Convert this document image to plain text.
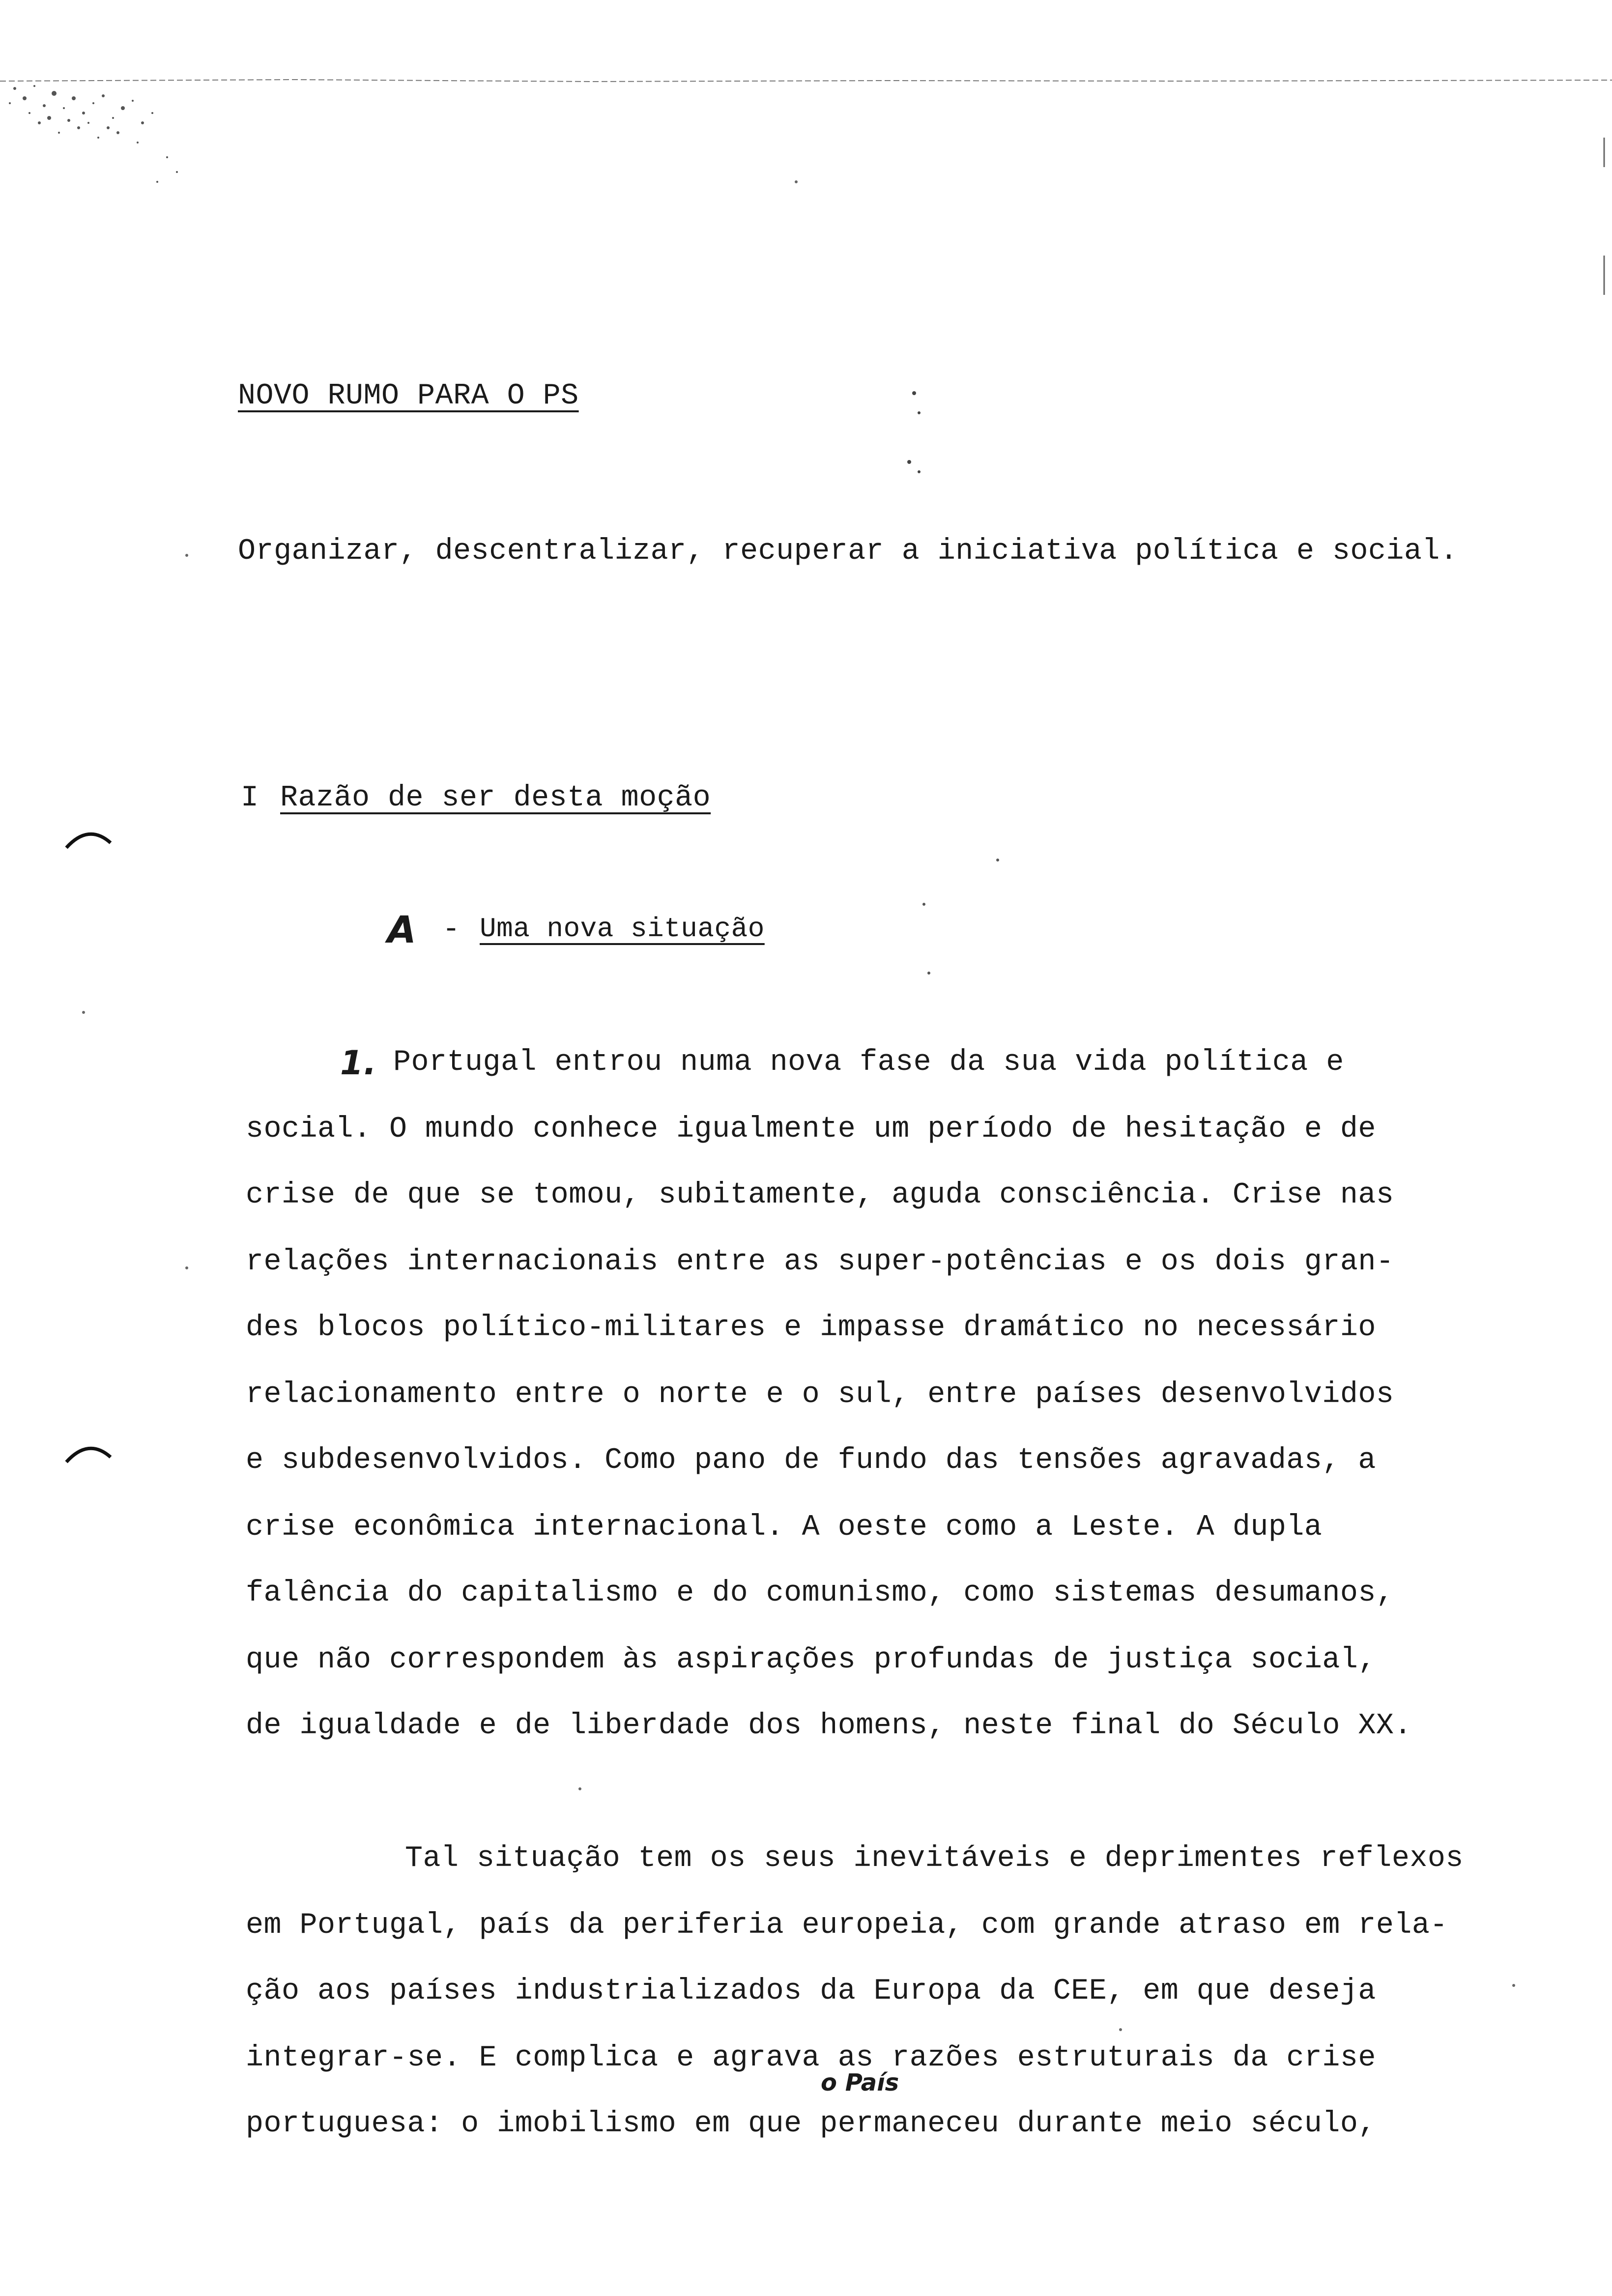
NOVO RUMO PARA O PS
Organizar, descentralizar, recuperar a iniciativa política e social.
I Razão de ser desta moção
A - Uma nova situação
1. Portugal entrou numa nova fase da sua vida política e
social. O mundo conhece igualmente um período de hesitação e de
crise de que se tomou, subitamente, aguda consciência. Crise nas
relações internacionais entre as super-potências e os dois gran-
des blocos político-militares e impasse dramático no necessário
relacionamento entre o norte e o sul, entre países desenvolvidos
e subdesenvolvidos. Como pano de fundo das tensões agravadas, a
crise econômica internacional. A oeste como a Leste. A dupla
falência do capitalismo e do comunismo, como sistemas desumanos,
que não correspondem às aspirações profundas de justiça social,
de igualdade e de liberdade dos homens, neste final do Século XX.
Tal situação tem os seus inevitáveis e deprimentes reflexos
em Portugal, país da periferia europeia, com grande atraso em rela-
ção aos países industrializados da Europa da CEE, em que deseja
integrar-se. E complica e agrava as razões estruturais da crise
portuguesa: o imobilismo em que permaneceu durante meio século,
o País
